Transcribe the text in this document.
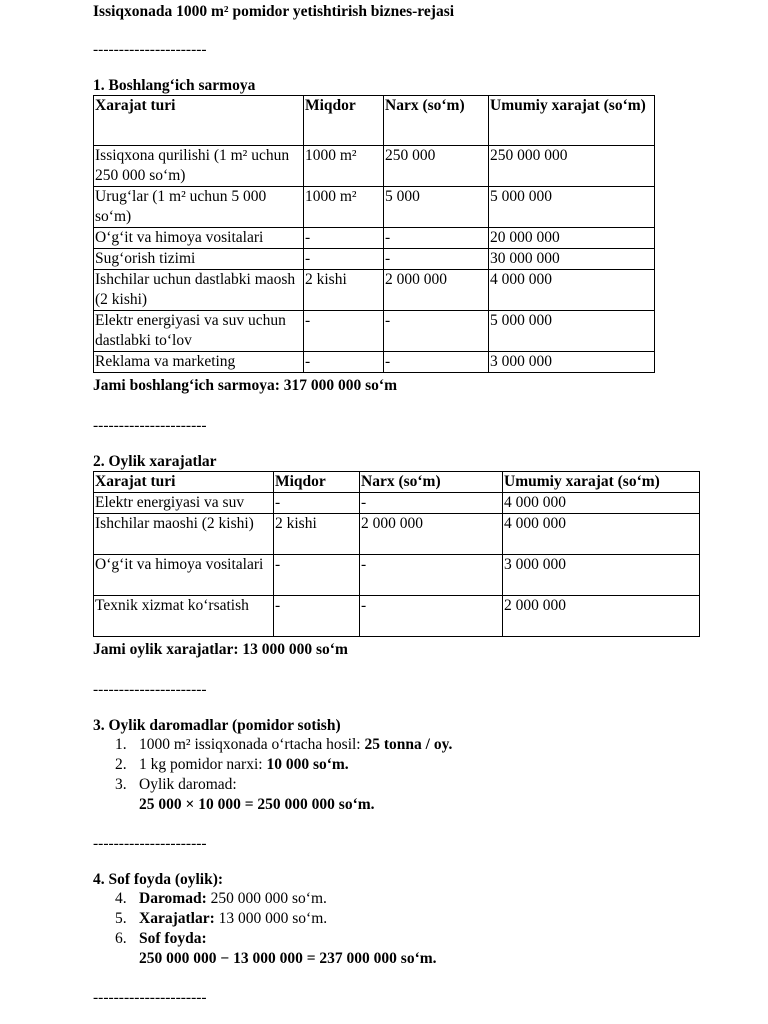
Issiqxonada 1000 m² pomidor yetishtirish biznes-rejasi
----------------------
1. Boshlang‘ich sarmoya
Xarajat turi	Miqdor	Narx (so‘m)	Umumiy xarajat (so‘m)
Issiqxona qurilishi (1 m² uchun 250 000 so‘m)	1000 m²	250 000	250 000 000
Urug‘lar (1 m² uchun 5 000 so‘m)	1000 m²	5 000	5 000 000
O‘g‘it va himoya vositalari	-	-	20 000 000
Sug‘orish tizimi	-	-	30 000 000
Ishchilar uchun dastlabki maosh (2 kishi)	2 kishi	2 000 000	4 000 000
Elektr energiyasi va suv uchun dastlabki to‘lov	-	-	5 000 000
Reklama va marketing	-	-	3 000 000
Jami boshlang‘ich sarmoya: 317 000 000 so‘m
----------------------
2. Oylik xarajatlar
Xarajat turi	Miqdor	Narx (so‘m)	Umumiy xarajat (so‘m)
Elektr energiyasi va suv	-	-	4 000 000
Ishchilar maoshi (2 kishi)	2 kishi	2 000 000	4 000 000
O‘g‘it va himoya vositalari	-	-	3 000 000
Texnik xizmat ko‘rsatish	-	-	2 000 000
Jami oylik xarajatlar: 13 000 000 so‘m
----------------------
3. Oylik daromadlar (pomidor sotish)
1. 1000 m² issiqxonada o‘rtacha hosil: 25 tonna / oy.
2. 1 kg pomidor narxi: 10 000 so‘m.
3. Oylik daromad:
25 000 × 10 000 = 250 000 000 so‘m.
----------------------
4. Sof foyda (oylik):
4. Daromad: 250 000 000 so‘m.
5. Xarajatlar: 13 000 000 so‘m.
6. Sof foyda:
250 000 000 − 13 000 000 = 237 000 000 so‘m.
----------------------
